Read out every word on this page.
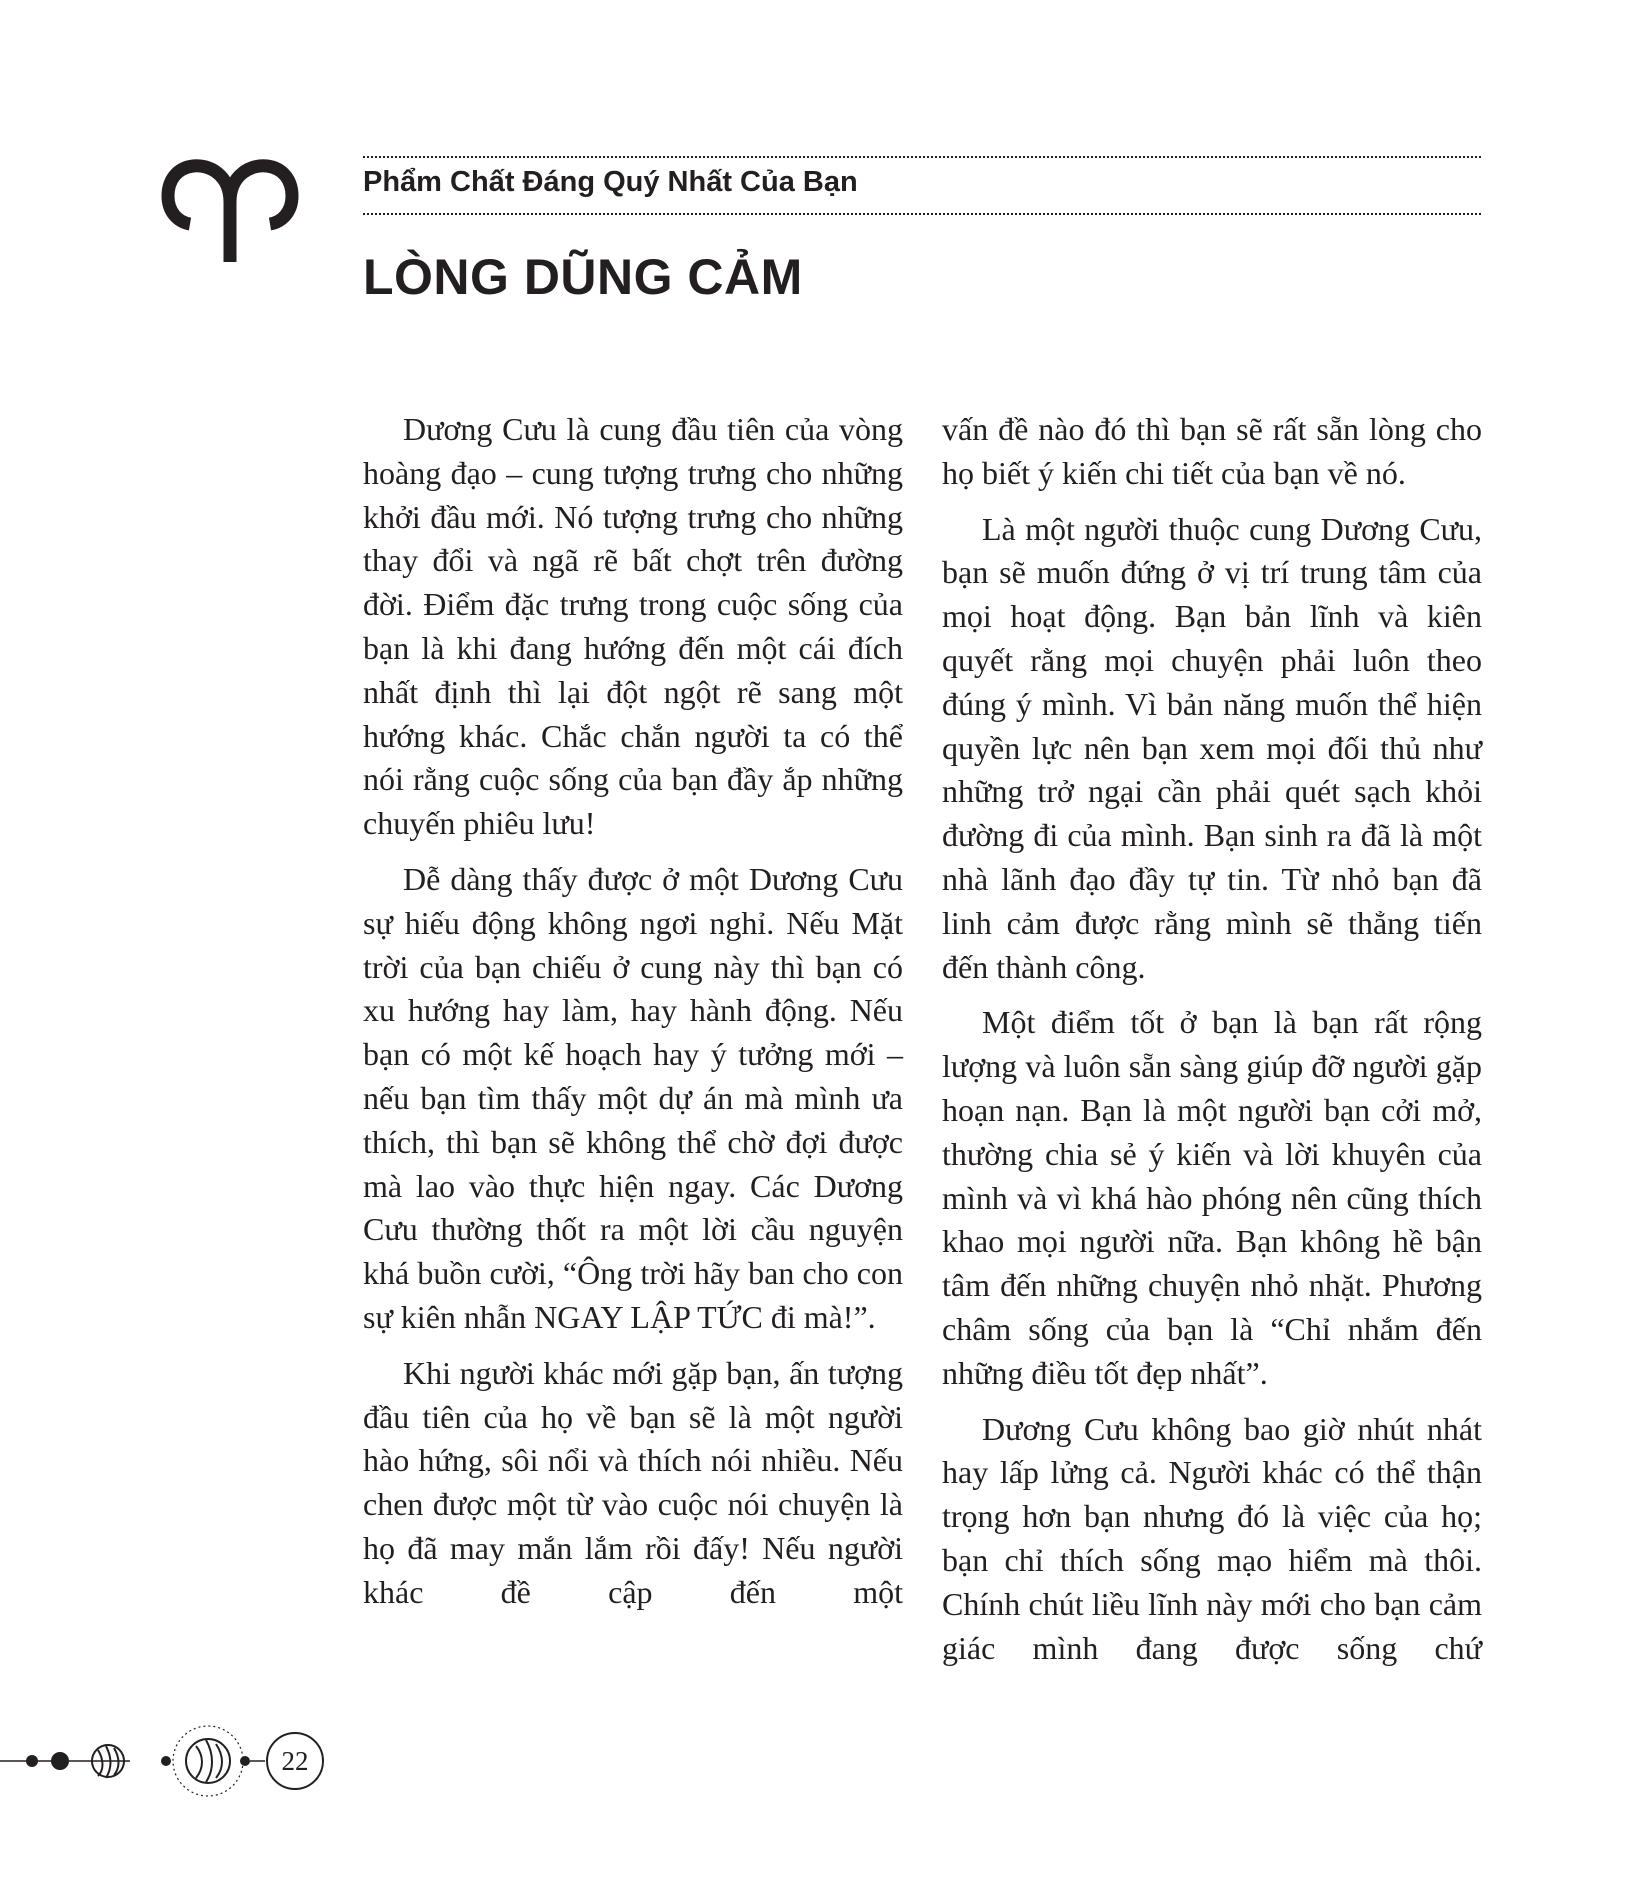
Phẩm Chất Đáng Quý Nhất Của Bạn
LÒNG DŨNG CẢM

Dương Cưu là cung đầu tiên của vòng hoàng đạo – cung tượng trưng cho những khởi đầu mới. Nó tượng trưng cho những thay đổi và ngã rẽ bất chợt trên đường đời. Điểm đặc trưng trong cuộc sống của bạn là khi đang hướng đến một cái đích nhất định thì lại đột ngột rẽ sang một hướng khác. Chắc chắn người ta có thể nói rằng cuộc sống của bạn đầy ắp những chuyến phiêu lưu!

Dễ dàng thấy được ở một Dương Cưu sự hiếu động không ngơi nghỉ. Nếu Mặt trời của bạn chiếu ở cung này thì bạn có xu hướng hay làm, hay hành động. Nếu bạn có một kế hoạch hay ý tưởng mới – nếu bạn tìm thấy một dự án mà mình ưa thích, thì bạn sẽ không thể chờ đợi được mà lao vào thực hiện ngay. Các Dương Cưu thường thốt ra một lời cầu nguyện khá buồn cười, “Ông trời hãy ban cho con sự kiên nhẫn NGAY LẬP TỨC đi mà!”.

Khi người khác mới gặp bạn, ấn tượng đầu tiên của họ về bạn sẽ là một người hào hứng, sôi nổi và thích nói nhiều. Nếu chen được một từ vào cuộc nói chuyện là họ đã may mắn lắm rồi đấy! Nếu người khác đề cập đến một

vấn đề nào đó thì bạn sẽ rất sẵn lòng cho họ biết ý kiến chi tiết của bạn về nó.

Là một người thuộc cung Dương Cưu, bạn sẽ muốn đứng ở vị trí trung tâm của mọi hoạt động. Bạn bản lĩnh và kiên quyết rằng mọi chuyện phải luôn theo đúng ý mình. Vì bản năng muốn thể hiện quyền lực nên bạn xem mọi đối thủ như những trở ngại cần phải quét sạch khỏi đường đi của mình. Bạn sinh ra đã là một nhà lãnh đạo đầy tự tin. Từ nhỏ bạn đã linh cảm được rằng mình sẽ thẳng tiến đến thành công.

Một điểm tốt ở bạn là bạn rất rộng lượng và luôn sẵn sàng giúp đỡ người gặp hoạn nạn. Bạn là một người bạn cởi mở, thường chia sẻ ý kiến và lời khuyên của mình và vì khá hào phóng nên cũng thích khao mọi người nữa. Bạn không hề bận tâm đến những chuyện nhỏ nhặt. Phương châm sống của bạn là “Chỉ nhắm đến những điều tốt đẹp nhất”.

Dương Cưu không bao giờ nhút nhát hay lấp lửng cả. Người khác có thể thận trọng hơn bạn nhưng đó là việc của họ; bạn chỉ thích sống mạo hiểm mà thôi. Chính chút liều lĩnh này mới cho bạn cảm giác mình đang được sống chứ

22
